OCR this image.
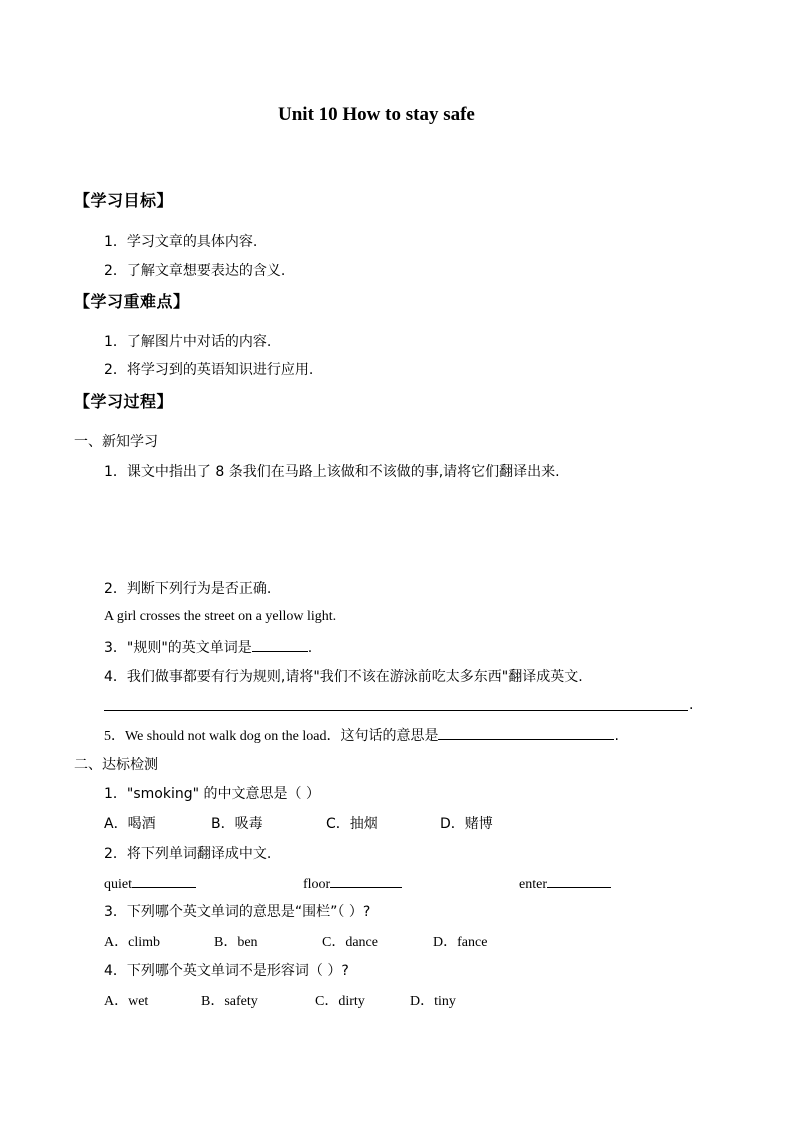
Unit 10 How to stay safe
【学习目标】
1．学习文章的具体内容.
2．了解文章想要表达的含义.
【学习重难点】
1．了解图片中对话的内容.
2．将学习到的英语知识进行应用.
【学习过程】
一、新知学习
1．课文中指出了 8 条我们在马路上该做和不该做的事,请将它们翻译出来.
2．判断下列行为是否正确.
A girl crosses the street on a yellow light.
3．"规则"的英文单词是	.
4．我们做事都要有行为规则,请将"我们不该在游泳前吃太多东西"翻译成英文.
.
5．We should not walk dog on the load．这句话的意思是	.
二、达标检测
1．"smoking" 的中文意思是（ ）
A．喝酒	B．吸毒	C．抽烟	D．赌博
2．将下列单词翻译成中文.
quiet	floor	enter
3．下列哪个英文单词的意思是“围栏”（ ）?
A．climb	B．ben	C．dance	D．fance
4．下列哪个英文单词不是形容词（ ）?
A．wet	B．safety	C．dirty	D．tiny
